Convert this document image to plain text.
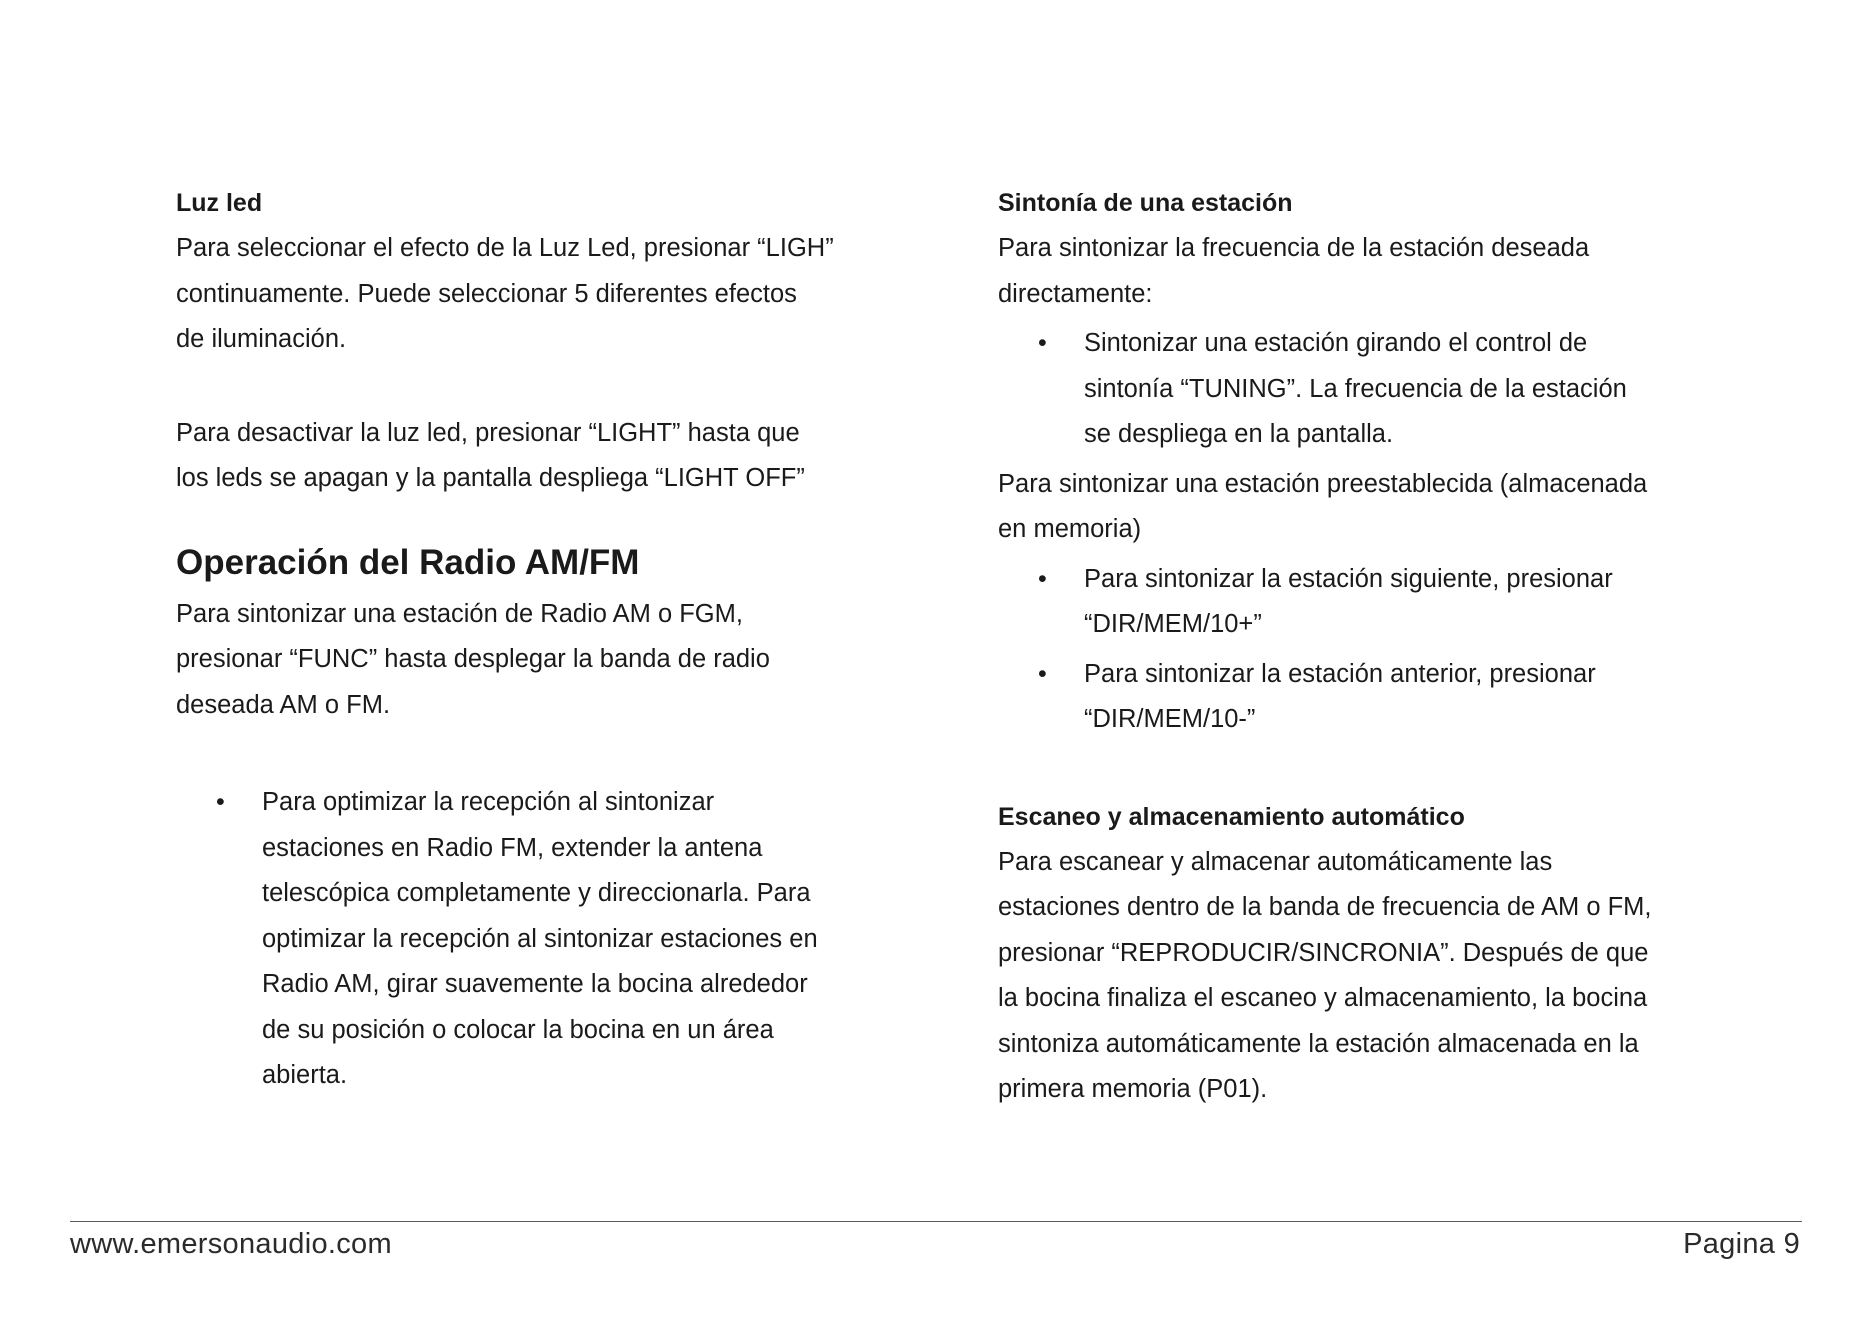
Luz led

Para seleccionar el efecto de la Luz Led, presionar “LIGH”
continuamente. Puede seleccionar 5 diferentes efectos
de iluminación.

Para desactivar la luz led, presionar “LIGHT” hasta que
los leds se apagan y la pantalla despliega “LIGHT OFF”

Operación del Radio AM/FM

Para sintonizar una estación de Radio AM o FGM,
presionar “FUNC” hasta desplegar la banda de radio
deseada AM o FM.

• Para optimizar la recepción al sintonizar
estaciones en Radio FM, extender la antena
telescópica completamente y direccionarla. Para
optimizar la recepción al sintonizar estaciones en
Radio AM, girar suavemente la bocina alrededor
de su posición o colocar la bocina en un área
abierta.

Sintonía de una estación

Para sintonizar la frecuencia de la estación deseada
directamente:

• Sintonizar una estación girando el control de
sintonía “TUNING”. La frecuencia de la estación
se despliega en la pantalla.

Para sintonizar una estación preestablecida (almacenada
en memoria)

• Para sintonizar la estación siguiente, presionar
“DIR/MEM/10+”
• Para sintonizar la estación anterior, presionar
“DIR/MEM/10-”

Escaneo y almacenamiento automático

Para escanear y almacenar automáticamente las
estaciones dentro de la banda de frecuencia de AM o FM,
presionar “REPRODUCIR/SINCRONIA”. Después de que
la bocina finaliza el escaneo y almacenamiento, la bocina
sintoniza automáticamente la estación almacenada en la
primera memoria (P01).

www.emersonaudio.com	Pagina 9
